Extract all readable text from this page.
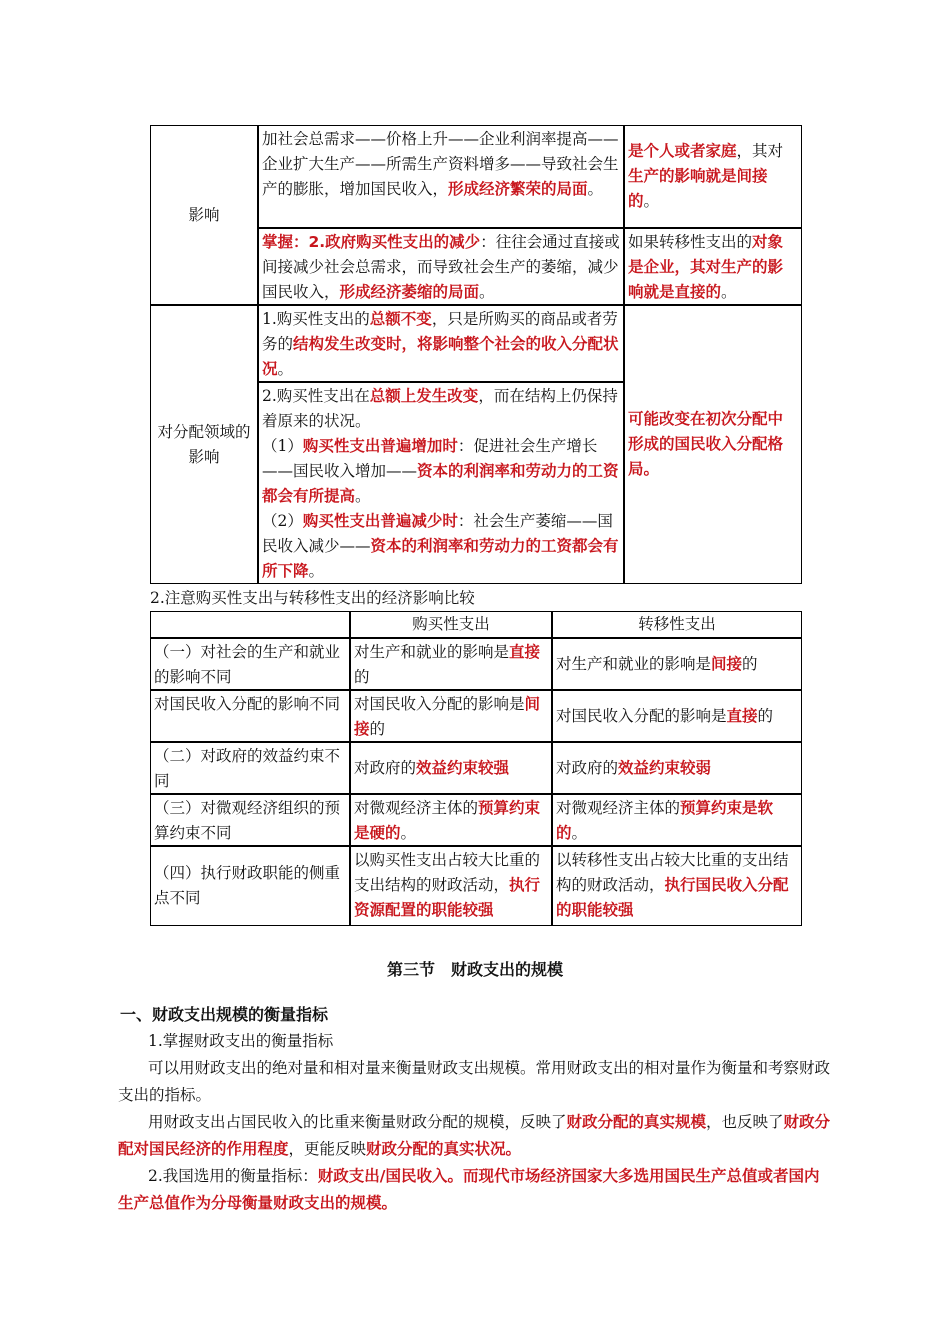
影响
加社会总需求——价格上升——企业利润率提高——企业扩大生产——所需生产资料增多——导致社会生产的膨胀，增加国民收入，形成经济繁荣的局面。
是个人或者家庭，其对生产的影响就是间接的。
掌握：2.政府购买性支出的减少：往往会通过直接或间接减少社会总需求，而导致社会生产的萎缩，减少国民收入，形成经济萎缩的局面。
如果转移性支出的对象是企业，其对生产的影响就是直接的。
对分配领域的影响
1.购买性支出的总额不变，只是所购买的商品或者劳务的结构发生改变时，将影响整个社会的收入分配状况。
2.购买性支出在总额上发生改变，而在结构上仍保持着原来的状况。
（1）购买性支出普遍增加时：促进社会生产增长——国民收入增加——资本的利润率和劳动力的工资都会有所提高。
（2）购买性支出普遍减少时：社会生产萎缩——国民收入减少——资本的利润率和劳动力的工资都会有所下降。
可能改变在初次分配中形成的国民收入分配格局。
2.注意购买性支出与转移性支出的经济影响比较
购买性支出	转移性支出
（一）对社会的生产和就业的影响不同
对生产和就业的影响是直接的
对生产和就业的影响是间接的
对国民收入分配的影响不同 对国民收入分配的影响是间接的
对国民收入分配的影响是直接的
（二）对政府的效益约束不同
对政府的效益约束较强	对政府的效益约束较弱
（三）对微观经济组织的预算约束不同
对微观经济主体的预算约束是硬的。
对微观经济主体的预算约束是软的。
（四）执行财政职能的侧重点不同
以购买性支出占较大比重的支出结构的财政活动，执行资源配置的职能较强
以转移性支出占较大比重的支出结构的财政活动，执行国民收入分配的职能较强
第三节　财政支出的规模
一、财政支出规模的衡量指标
1.掌握财政支出的衡量指标
可以用财政支出的绝对量和相对量来衡量财政支出规模。常用财政支出的相对量作为衡量和考察财政支出的指标。
用财政支出占国民收入的比重来衡量财政分配的规模，反映了财政分配的真实规模，也反映了财政分配对国民经济的作用程度，更能反映财政分配的真实状况。
2.我国选用的衡量指标：财政支出/国民收入。而现代市场经济国家大多选用国民生产总值或者国内生产总值作为分母衡量财政支出的规模。
